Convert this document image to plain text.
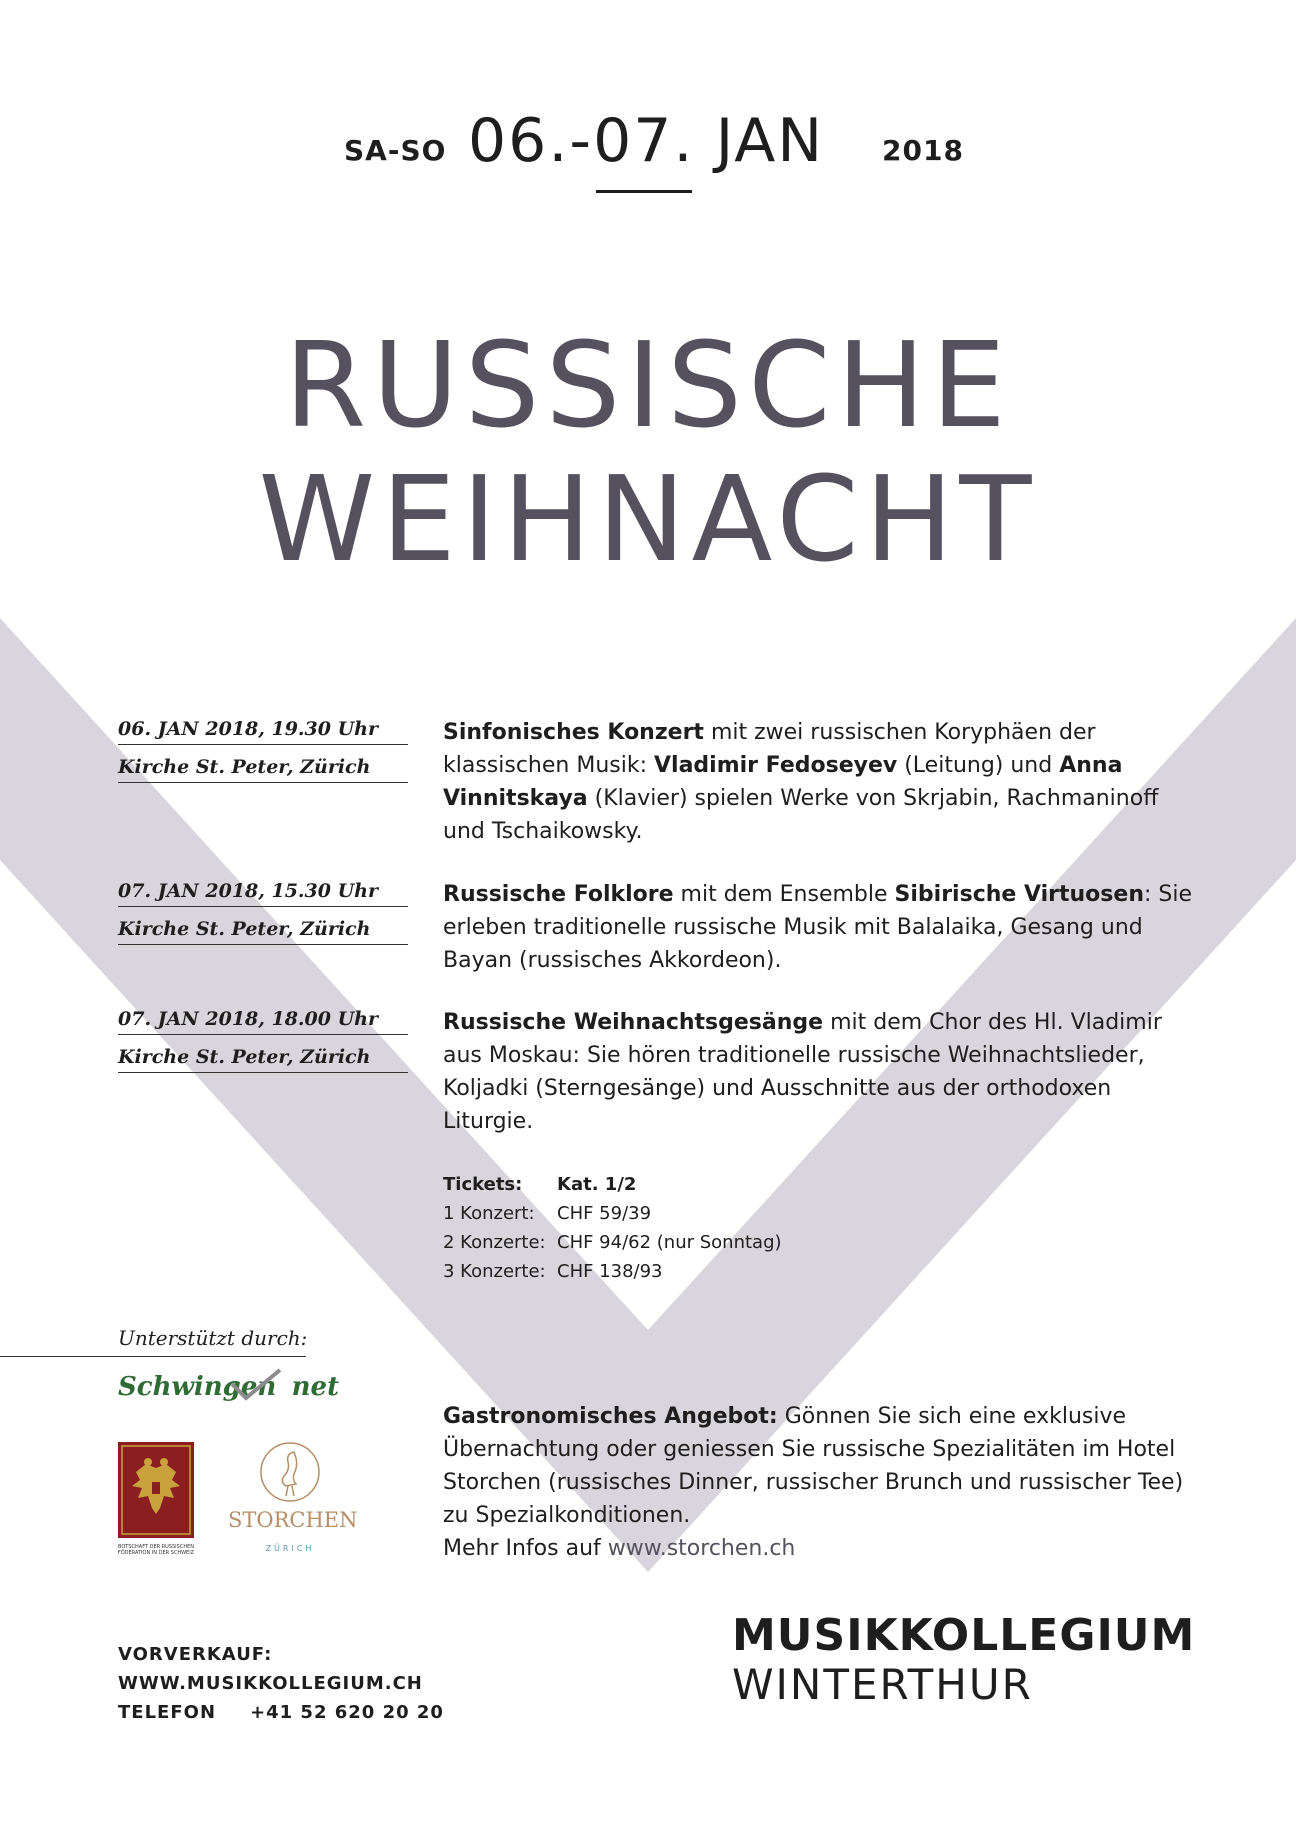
SA-SO 06.-07. JAN 2018
RUSSISCHE
WEIHNACHT
06. JAN 2018, 19.30 Uhr
Kirche St. Peter, Zürich
Sinfonisches Konzert mit zwei russischen Koryphäen der klassischen Musik: Vladimir Fedoseyev (Leitung) und Anna Vinnitskaya (Klavier) spielen Werke von Skrjabin, Rachmaninoff und Tschaikowsky.
07. JAN 2018, 15.30 Uhr
Kirche St. Peter, Zürich
Russische Folklore mit dem Ensemble Sibirische Virtuosen: Sie erleben traditionelle russische Musik mit Balalaika, Gesang und Bayan (russisches Akkordeon).
07. JAN 2018, 18.00 Uhr
Kirche St. Peter, Zürich
Russische Weihnachtsgesänge mit dem Chor des Hl. Vladimir aus Moskau: Sie hören traditionelle russische Weihnachtslieder, Koljadki (Sterngesänge) und Ausschnitte aus der orthodoxen Liturgie.
Tickets: Kat. 1/2
1 Konzert: CHF 59/39
2 Konzerte: CHF 94/62 (nur Sonntag)
3 Konzerte: CHF 138/93
Unterstützt durch:
Schwingen net
BOTSCHAFT DER RUSSISCHEN FÖDERATION IN DER SCHWEIZ
STORCHEN
ZÜRICH
Gastronomisches Angebot: Gönnen Sie sich eine exklusive Übernachtung oder geniessen Sie russische Spezialitäten im Hotel Storchen (russisches Dinner, russischer Brunch und russischer Tee) zu Spezialkonditionen.
Mehr Infos auf www.storchen.ch
VORVERKAUF:
WWW.MUSIKKOLLEGIUM.CH
TELEFON +41 52 620 20 20
MUSIKKOLLEGIUM
WINTERTHUR
